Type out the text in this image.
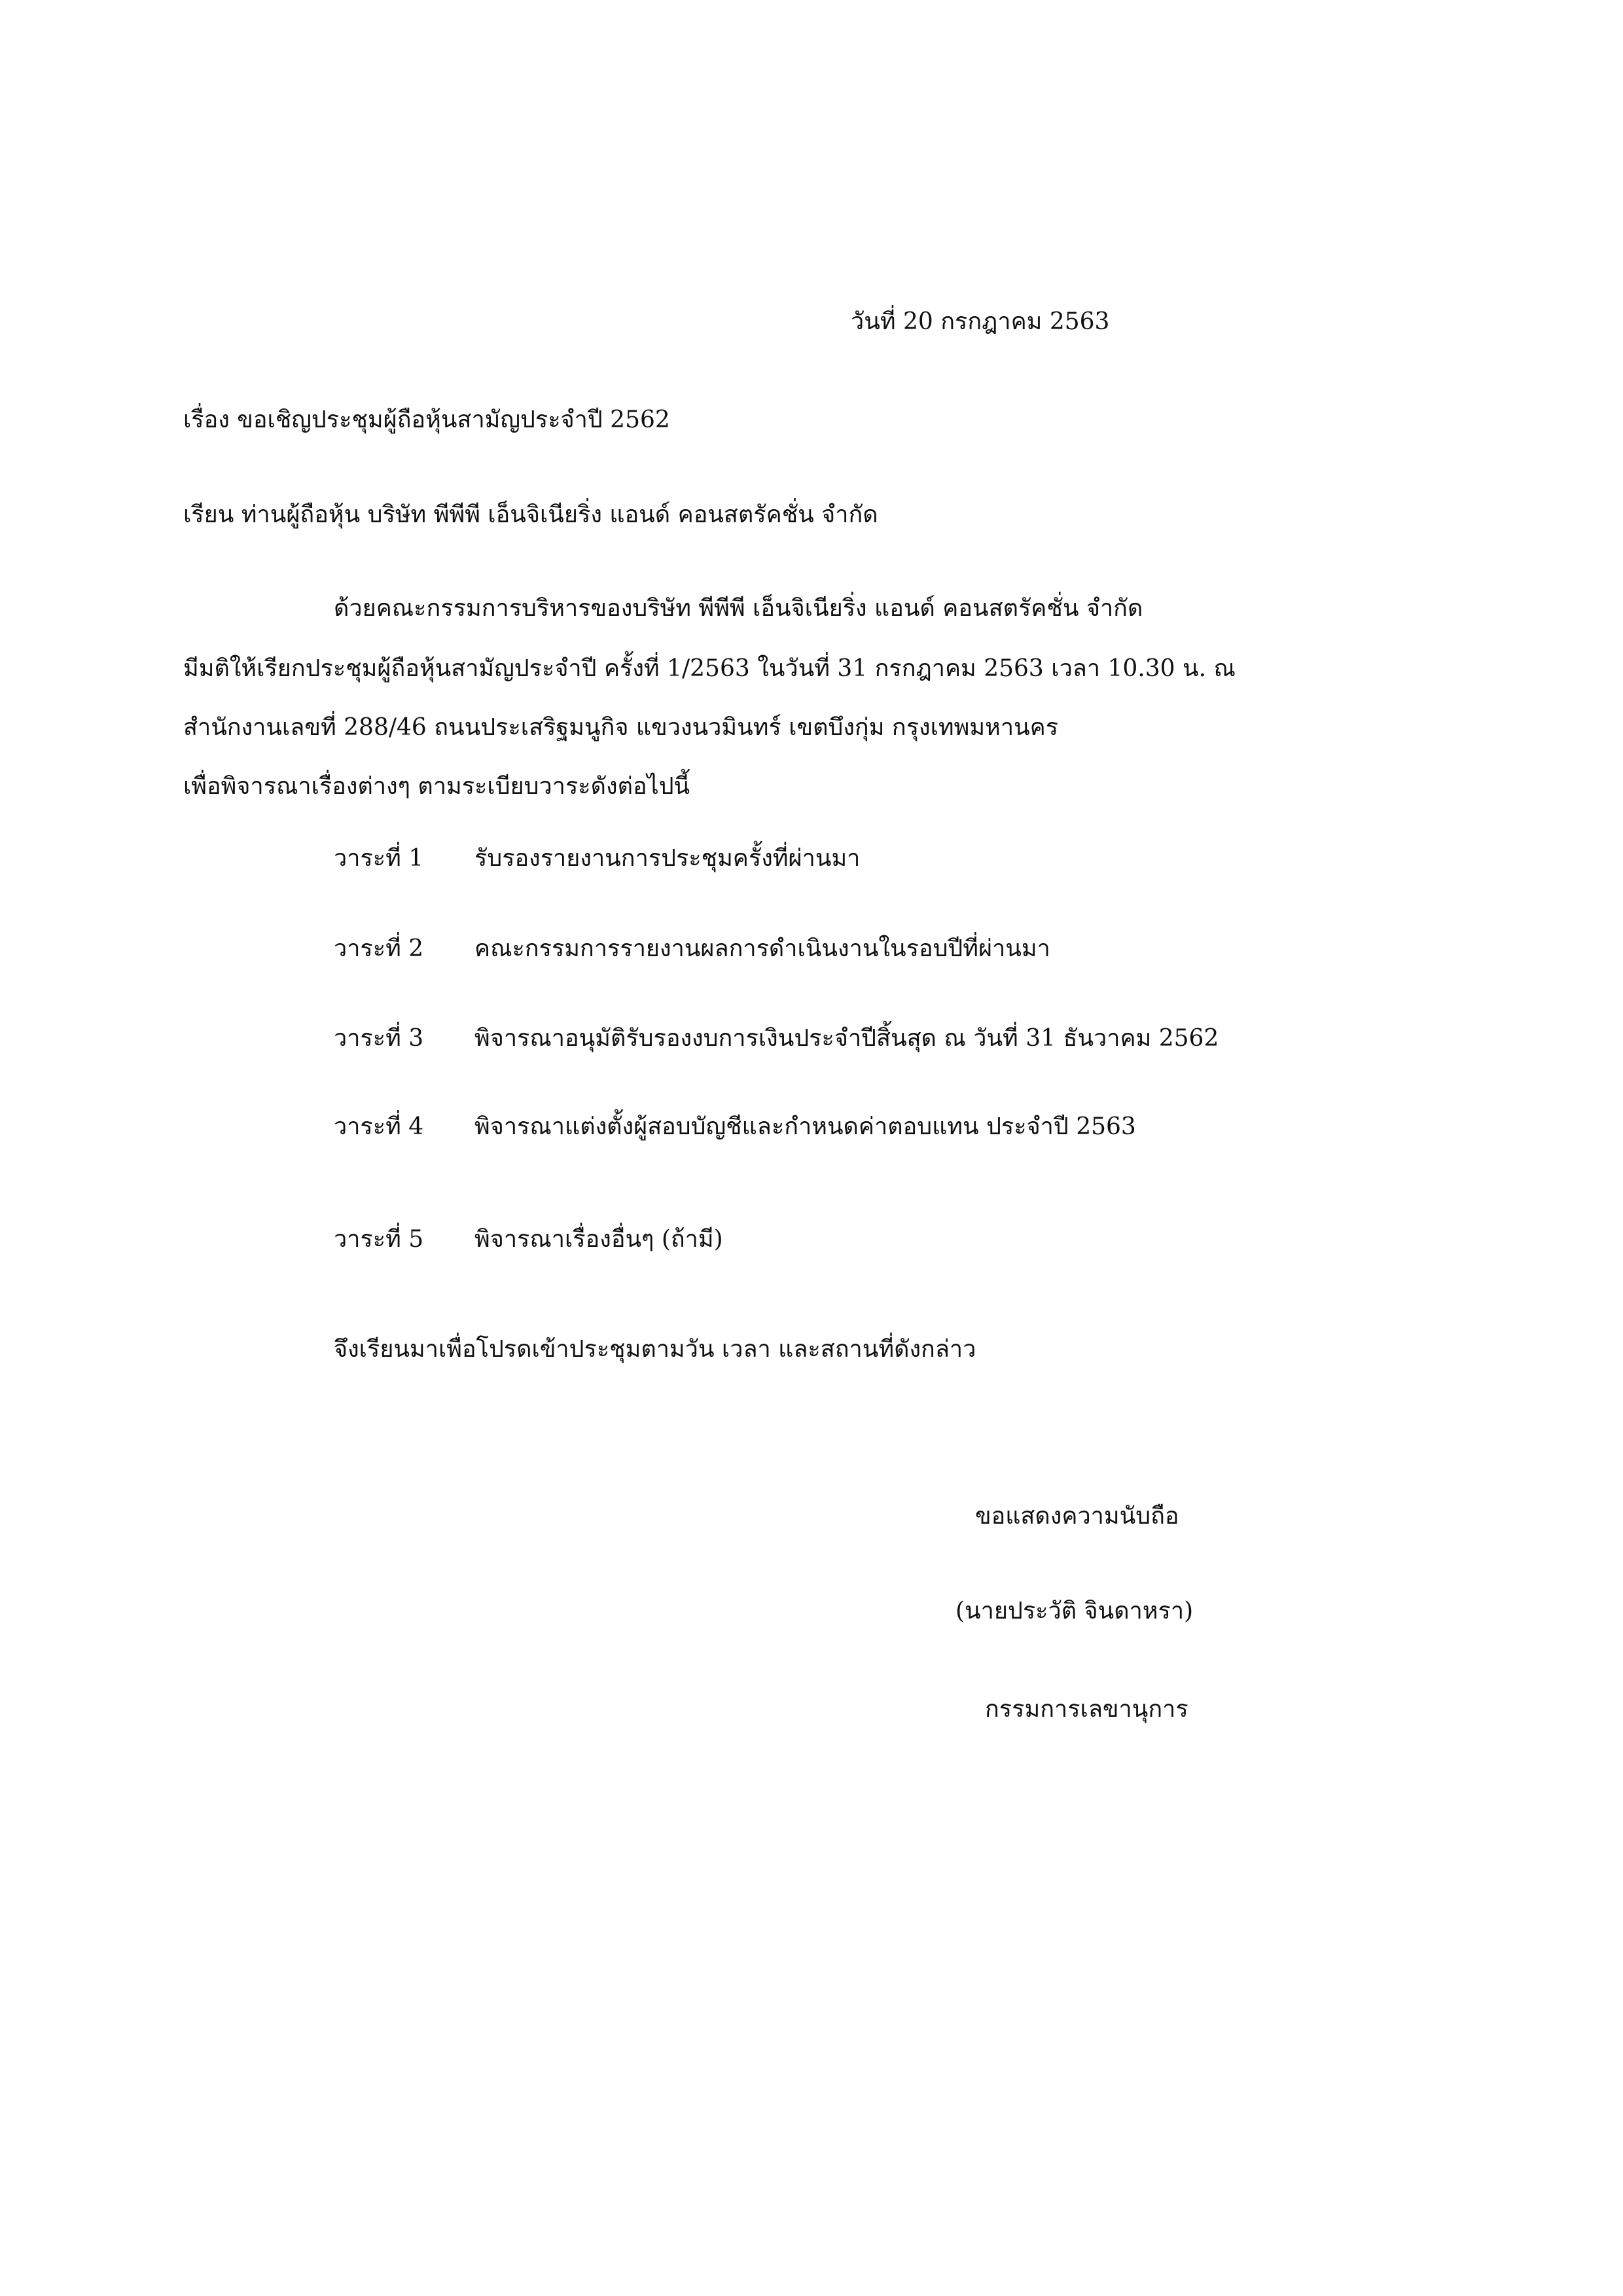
วันที่ 20 กรกฎาคม 2563
เรื่อง ขอเชิญประชุมผู้ถือหุ้นสามัญประจำปี 2562
เรียน ท่านผู้ถือหุ้น บริษัท พีพีพี เอ็นจิเนียริ่ง แอนด์ คอนสตรัคชั่น จำกัด
ด้วยคณะกรรมการบริหารของบริษัท พีพีพี เอ็นจิเนียริ่ง แอนด์ คอนสตรัคชั่น จำกัด
มีมติให้เรียกประชุมผู้ถือหุ้นสามัญประจำปี ครั้งที่ 1/2563 ในวันที่ 31 กรกฎาคม 2563 เวลา 10.30 น. ณ
สำนักงานเลขที่ 288/46 ถนนประเสริฐมนูกิจ แขวงนวมินทร์ เขตบึงกุ่ม กรุงเทพมหานคร
เพื่อพิจารณาเรื่องต่างๆ ตามระเบียบวาระดังต่อไปนี้
วาระที่ 1	รับรองรายงานการประชุมครั้งที่ผ่านมา
วาระที่ 2	คณะกรรมการรายงานผลการดำเนินงานในรอบปีที่ผ่านมา
วาระที่ 3	พิจารณาอนุมัติรับรองงบการเงินประจำปีสิ้นสุด ณ วันที่ 31 ธันวาคม 2562
วาระที่ 4	พิจารณาแต่งตั้งผู้สอบบัญชีและกำหนดค่าตอบแทน ประจำปี 2563
วาระที่ 5	พิจารณาเรื่องอื่นๆ (ถ้ามี)
จึงเรียนมาเพื่อโปรดเข้าประชุมตามวัน เวลา และสถานที่ดังกล่าว
ขอแสดงความนับถือ
(นายประวัติ จินดาหรา)
กรรมการเลขานุการ
